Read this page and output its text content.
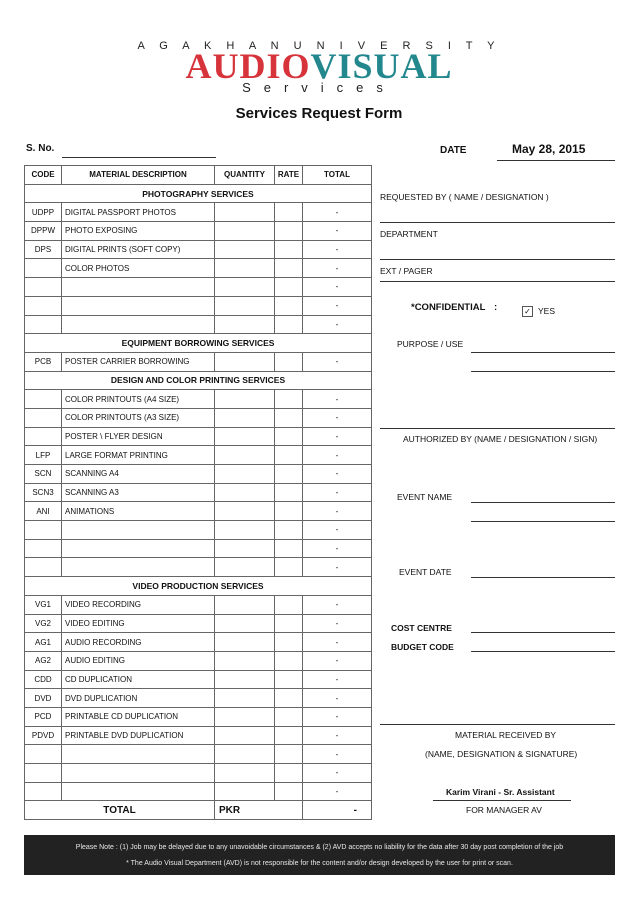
A G A K H A N U N I V E R S I T Y
AUDIOVISUAL
Services
Services Request Form
S. No.	DATE	May 28, 2015
CODE	MATERIAL DESCRIPTION	QUANTITY	RATE	TOTAL
PHOTOGRAPHY SERVICES				
UDPP	DIGITAL PASSPORT PHOTOS			-
DPPW	PHOTO EXPOSING			-
DPS	DIGITAL PRINTS (SOFT COPY)			-
	COLOR PHOTOS			-
				-
				-
				-
EQUIPMENT BORROWING SERVICES				
PCB	POSTER CARRIER BORROWING			-
DESIGN AND COLOR PRINTING SERVICES				
	COLOR PRINTOUTS (A4 SIZE)			-
	COLOR PRINTOUTS (A3 SIZE)			-
	POSTER \ FLYER DESIGN			-
LFP	LARGE FORMAT PRINTING			-
SCN	SCANNING A4			-
SCN3	SCANNING A3			-
ANI	ANIMATIONS			-
				-
				-
				-
VIDEO PRODUCTION SERVICES				
VG1	VIDEO RECORDING			-
VG2	VIDEO EDITING			-
AG1	AUDIO RECORDING			-
AG2	AUDIO EDITING			-
CDD	CD DUPLICATION			-
DVD	DVD DUPLICATION			-
PCD	PRINTABLE CD DUPLICATION			-
PDVD	PRINTABLE DVD DUPLICATION			-
				-
				-
				-
TOTAL		PKR		-
REQUESTED BY ( NAME / DESIGNATION )
DEPARTMENT
EXT / PAGER
*CONFIDENTIAL :	✓ YES
PURPOSE / USE
AUTHORIZED BY (NAME / DESIGNATION / SIGN)
EVENT NAME
EVENT DATE
COST CENTRE
BUDGET CODE
MATERIAL RECEIVED BY
(NAME, DESIGNATION & SIGNATURE)
Karim Virani - Sr. Assistant
FOR MANAGER AV
Please Note : (1) Job may be delayed due to any unavoidable circumstances & (2) AVD accepts no liability for the data after 30 day post completion of the job
* The Audio Visual Department (AVD) is not responsible for the content and/or design developed by the user for print or scan.
